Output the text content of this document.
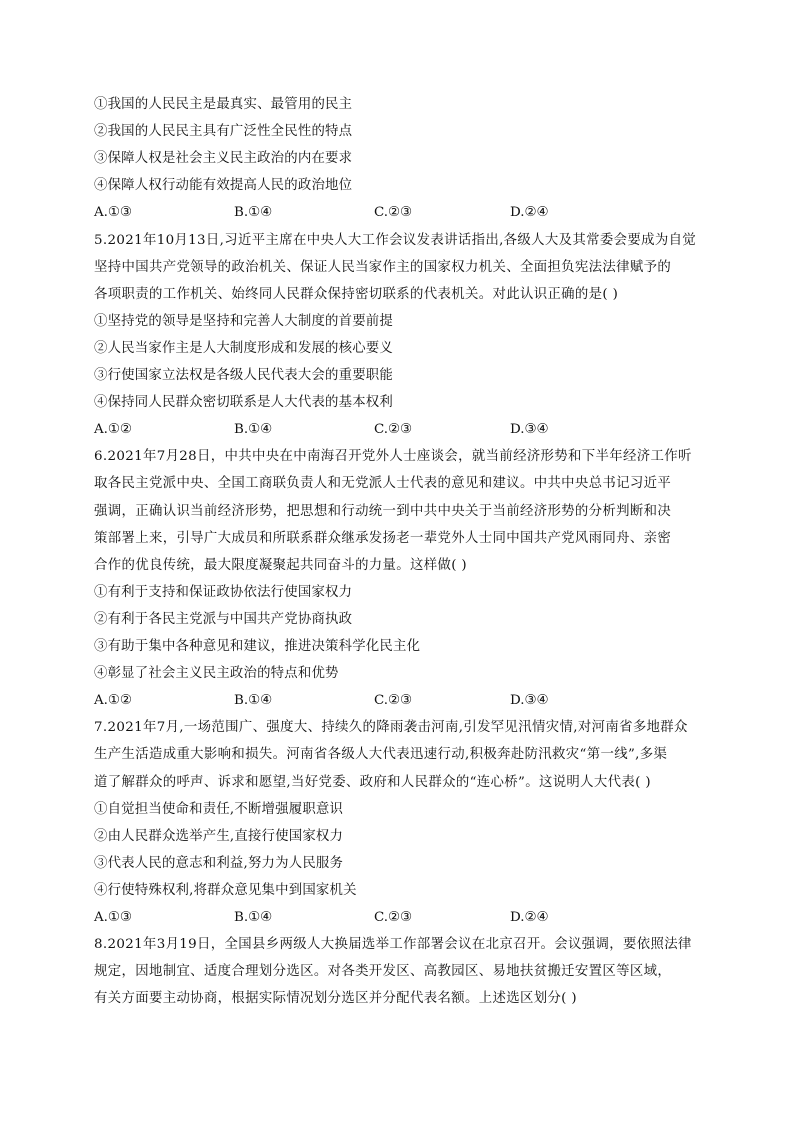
①我国的人民民主是最真实、最管用的民主
②我国的人民民主具有广泛性全民性的特点
③保障人权是社会主义民主政治的内在要求
④保障人权行动能有效提高人民的政治地位
A.①③	B.①④	C.②③	D.②④
5.2021年10月13日,习近平主席在中央人大工作会议发表讲话指出,各级人大及其常委会要成为自觉
坚持中国共产党领导的政治机关、保证人民当家作主的国家权力机关、全面担负宪法法律赋予的
各项职责的工作机关、始终同人民群众保持密切联系的代表机关。对此认识正确的是( )
①坚持党的领导是坚持和完善人大制度的首要前提
②人民当家作主是人大制度形成和发展的核心要义
③行使国家立法权是各级人民代表大会的重要职能
④保持同人民群众密切联系是人大代表的基本权利
A.①②	B.①④	C.②③	D.③④
6.2021年7月28日，中共中央在中南海召开党外人士座谈会，就当前经济形势和下半年经济工作听
取各民主党派中央、全国工商联负责人和无党派人士代表的意见和建议。中共中央总书记习近平
强调，正确认识当前经济形势，把思想和行动统一到中共中央关于当前经济形势的分析判断和决
策部署上来，引导广大成员和所联系群众继承发扬老一辈党外人士同中国共产党风雨同舟、亲密
合作的优良传统，最大限度凝聚起共同奋斗的力量。这样做( )
①有利于支持和保证政协依法行使国家权力
②有利于各民主党派与中国共产党协商执政
③有助于集中各种意见和建议，推进决策科学化民主化
④彰显了社会主义民主政治的特点和优势
A.①②	B.①④	C.②③	D.③④
7.2021年7月,一场范围广、强度大、持续久的降雨袭击河南,引发罕见汛情灾情,对河南省多地群众
生产生活造成重大影响和损失。河南省各级人大代表迅速行动,积极奔赴防汛救灾“第一线”,多渠
道了解群众的呼声、诉求和愿望,当好党委、政府和人民群众的“连心桥”。这说明人大代表( )
①自觉担当使命和责任,不断增强履职意识
②由人民群众选举产生,直接行使国家权力
③代表人民的意志和利益,努力为人民服务
④行使特殊权利,将群众意见集中到国家机关
A.①③	B.①④	C.②③	D.②④
8.2021年3月19日，全国县乡两级人大换届选举工作部署会议在北京召开。会议强调，要依照法律
规定，因地制宜、适度合理划分选区。对各类开发区、高教园区、易地扶贫搬迁安置区等区域，
有关方面要主动协商，根据实际情况划分选区并分配代表名额。上述选区划分( )
